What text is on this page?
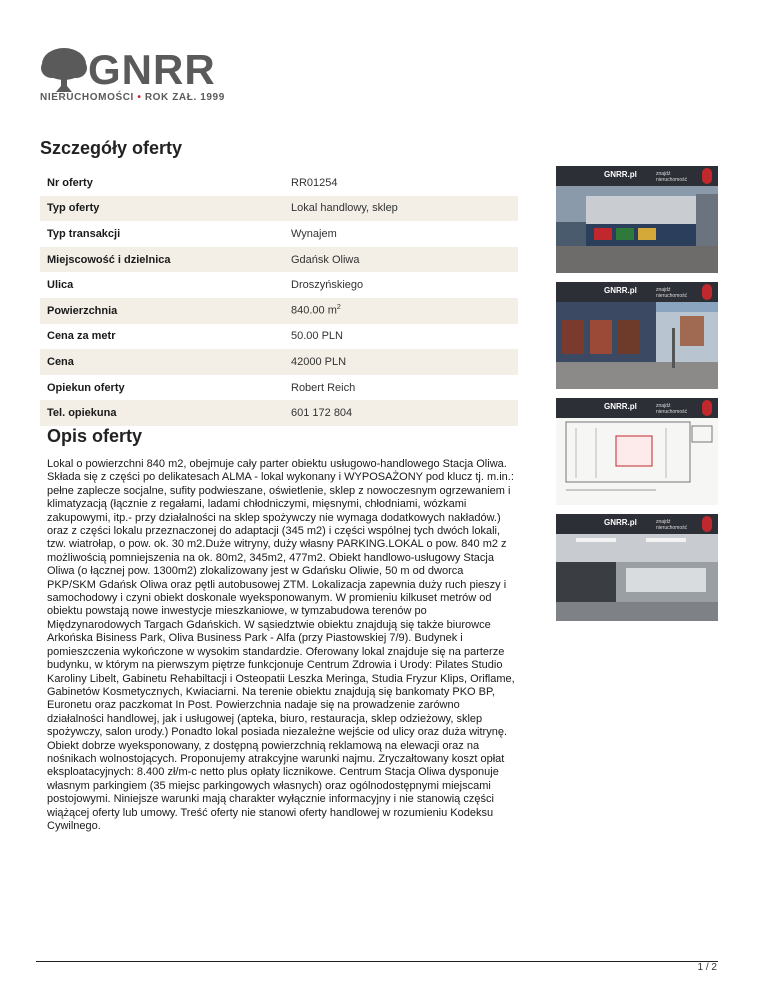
GNRR
NIERUCHOMOŚCI • ROK ZAŁ. 1999
Szczegóły oferty
Nr oferty	RR01254
Typ oferty	Lokal handlowy, sklep
Typ transakcji	Wynajem
Miejscowość i dzielnica	Gdańsk Oliwa
Ulica	Droszyńskiego
Powierzchnia	840.00 $m^2$
Cena za metr	50.00 PLN
Cena	42000 PLN
Opiekun oferty	Robert Reich
Tel. opiekuna	601 172 804
Opis oferty

Lokal o powierzchni 840 m2, obejmuje cały parter obiektu usługowo-handlowego Stacja Oliwa. Składa się z części po delikatesach ALMA - lokal wykonany i WYPOSAŻONY pod klucz tj. m.in.: pełne zaplecze socjalne, sufity podwieszane, oświetlenie, sklep z nowoczesnym ogrzewaniem i klimatyzacją (łącznie z regałami, ladami chłodniczymi, mięsnymi, chłodniami, wózkami zakupowymi, itp.- przy działalności na sklep spożywczy nie wymaga dodatkowych nakładów.) oraz z części lokalu przeznaczonej do adaptacji (345 m2) i części wspólnej tych dwóch lokali, tzw. wiatrołap, o pow. ok. 30 m2.Duże witryny, duży własny PARKING.LOKAL o pow. 840 m2 z możliwością pomniejszenia na ok. 80m2, 345m2, 477m2. Obiekt handlowo-usługowy Stacja Oliwa (o łącznej pow. 1300m2) zlokalizowany jest w Gdańsku Oliwie, 50 m od dworca PKP/SKM Gdańsk Oliwa oraz pętli autobusowej ZTM. Lokalizacja zapewnia duży ruch pieszy i samochodowy i czyni obiekt doskonale wyeksponowanym. W promieniu kilkuset metrów od obiektu powstają nowe inwestycje mieszkaniowe, w tymzabudowa terenów po Międzynarodowych Targach Gdańskich. W sąsiedztwie obiektu znajdują się także biurowce Arkońska Bisiness Park, Oliva Business Park - Alfa (przy Piastowskiej 7/9). Budynek i pomieszczenia wykończone w wysokim standardzie. Oferowany lokal znajduje się na parterze budynku, w którym na pierwszym piętrze funkcjonuje Centrum Zdrowia i Urody: Pilates Studio Karoliny Libelt, Gabinetu Rehabiltacji i Osteopatii Leszka Meringa, Studia Fryzur Klips, Oriflame, Gabinetów Kosmetycznych, Kwiaciarni. Na terenie obiektu znajdują się bankomaty PKO BP, Euronetu oraz paczkomat In Post. Powierzchnia nadaje się na prowadzenie zarówno działalności handlowej, jak i usługowej (apteka, biuro, restauracja, sklep odzieżowy, sklep spożywczy, salon urody.) Ponadto lokal posiada niezależne wejście od ulicy oraz duża witrynę. Obiekt dobrze wyeksponowany, z dostępną powierzchnią reklamową na elewacji oraz na nośnikach wolnostojących. Proponujemy atrakcyjne warunki najmu. Zryczałtowany koszt opłat eksploatacyjnych: 8.400 zł/m-c netto plus opłaty licznikowe. Centrum Stacja Oliwa dysponuje własnym parkingiem (35 miejsc parkingowych własnych) oraz ogólnodostępnymi miejscami postojowymi. Niniejsze warunki mają charakter wyłącznie informacyjny i nie stanowią części wiążącej oferty lub umowy. Treść oferty nie stanowi oferty handlowej w rozumieniu Kodeksu Cywilnego.

GNRR.pl	znajdź nieruchomość
GNRR.pl	znajdź nieruchomość
GNRR.pl	znajdź nieruchomość
GNRR.pl	znajdź nieruchomość
1 / 2
